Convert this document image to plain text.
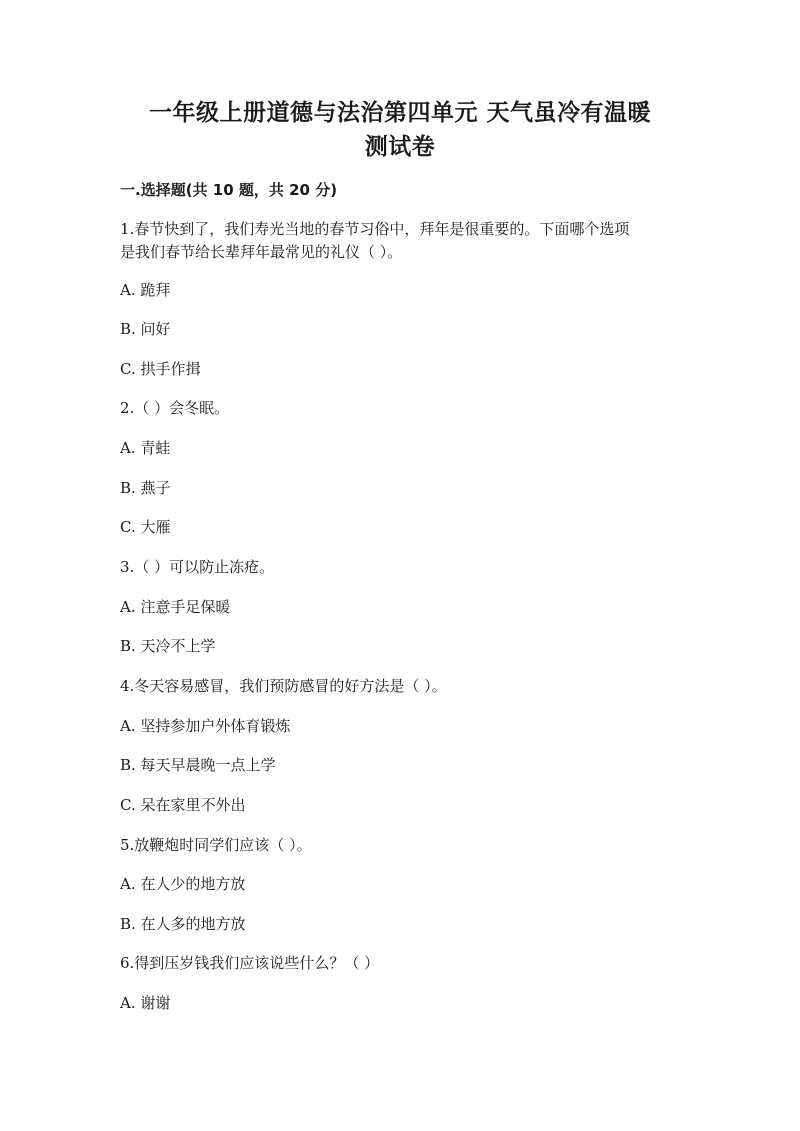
一年级上册道德与法治第四单元 天气虽冷有温暖
测试卷
一.选择题(共 10 题，共 20 分)
1.春节快到了，我们寿光当地的春节习俗中，拜年是很重要的。下面哪个选项
是我们春节给长辈拜年最常见的礼仪（ ）。
A. 跪拜
B. 问好
C. 拱手作揖
2.（ ）会冬眠。
A. 青蛙
B. 燕子
C. 大雁
3.（ ）可以防止冻疮。
A. 注意手足保暖
B. 天冷不上学
4.冬天容易感冒，我们预防感冒的好方法是（ ）。
A. 坚持参加户外体育锻炼
B. 每天早晨晚一点上学
C. 呆在家里不外出
5.放鞭炮时同学们应该（ ）。
A. 在人少的地方放
B. 在人多的地方放
6.得到压岁钱我们应该说些什么？（ ）
A. 谢谢
